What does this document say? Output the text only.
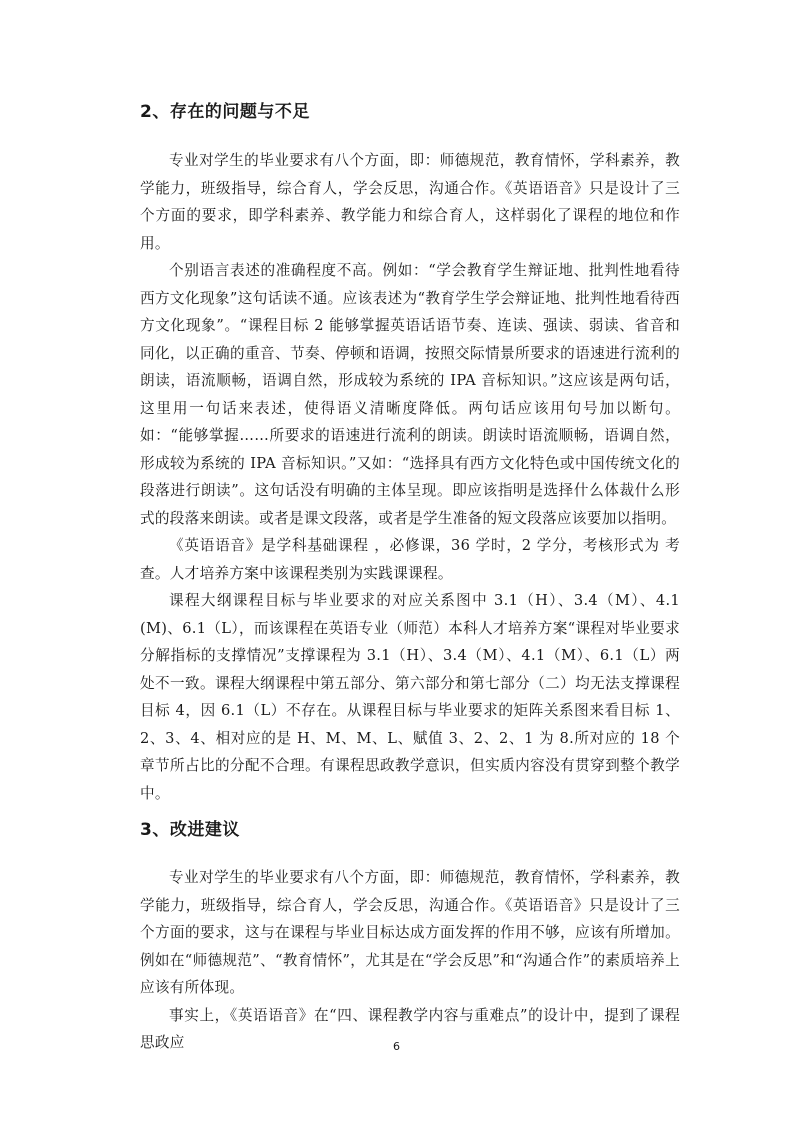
2、存在的问题与不足

专业对学生的毕业要求有八个方面，即：师德规范，教育情怀，学科素养，教学能力，班级指导，综合育人，学会反思，沟通合作。《英语语音》只是设计了三个方面的要求，即学科素养、教学能力和综合育人，这样弱化了课程的地位和作用。

个别语言表述的准确程度不高。例如：“学会教育学生辩证地、批判性地看待西方文化现象”这句话读不通。应该表述为“教育学生学会辩证地、批判性地看待西方文化现象”。“课程目标 2 能够掌握英语话语节奏、连读、强读、弱读、省音和同化，以正确的重音、节奏、停顿和语调，按照交际情景所要求的语速进行流利的朗读，语流顺畅，语调自然，形成较为系统的 IPA 音标知识。”这应该是两句话，这里用一句话来表述，使得语义清晰度降低。两句话应该用句号加以断句。如：“能够掌握……所要求的语速进行流利的朗读。朗读时语流顺畅，语调自然，形成较为系统的 IPA 音标知识。”又如：“选择具有西方文化特色或中国传统文化的段落进行朗读”。这句话没有明确的主体呈现。即应该指明是选择什么体裁什么形式的段落来朗读。或者是课文段落，或者是学生准备的短文段落应该要加以指明。

《英语语音》是学科基础课程 ，必修课，36 学时，2 学分，考核形式为 考查。人才培养方案中该课程类别为实践课课程。

课程大纲课程目标与毕业要求的对应关系图中 3.1（H）、3.4（M）、4.1(M)、6.1（L），而该课程在英语专业（师范）本科人才培养方案“课程对毕业要求分解指标的支撑情况”支撑课程为 3.1（H）、3.4（M）、4.1（M）、6.1（L）两处不一致。课程大纲课程中第五部分、第六部分和第七部分（二）均无法支撑课程目标 4，因 6.1（L）不存在。从课程目标与毕业要求的矩阵关系图来看目标 1、2、3、4、相对应的是 H、M、M、L、赋值 3、2、2、1 为 8.所对应的 18 个章节所占比的分配不合理。有课程思政教学意识，但实质内容没有贯穿到整个教学中。

3、改进建议

专业对学生的毕业要求有八个方面，即：师德规范，教育情怀，学科素养，教学能力，班级指导，综合育人，学会反思，沟通合作。《英语语音》只是设计了三个方面的要求，这与在课程与毕业目标达成方面发挥的作用不够，应该有所增加。例如在“师德规范”、“教育情怀”，尤其是在“学会反思”和“沟通合作”的素质培养上应该有所体现。

事实上，《英语语音》在“四、课程教学内容与重难点”的设计中，提到了课程思政应	6
